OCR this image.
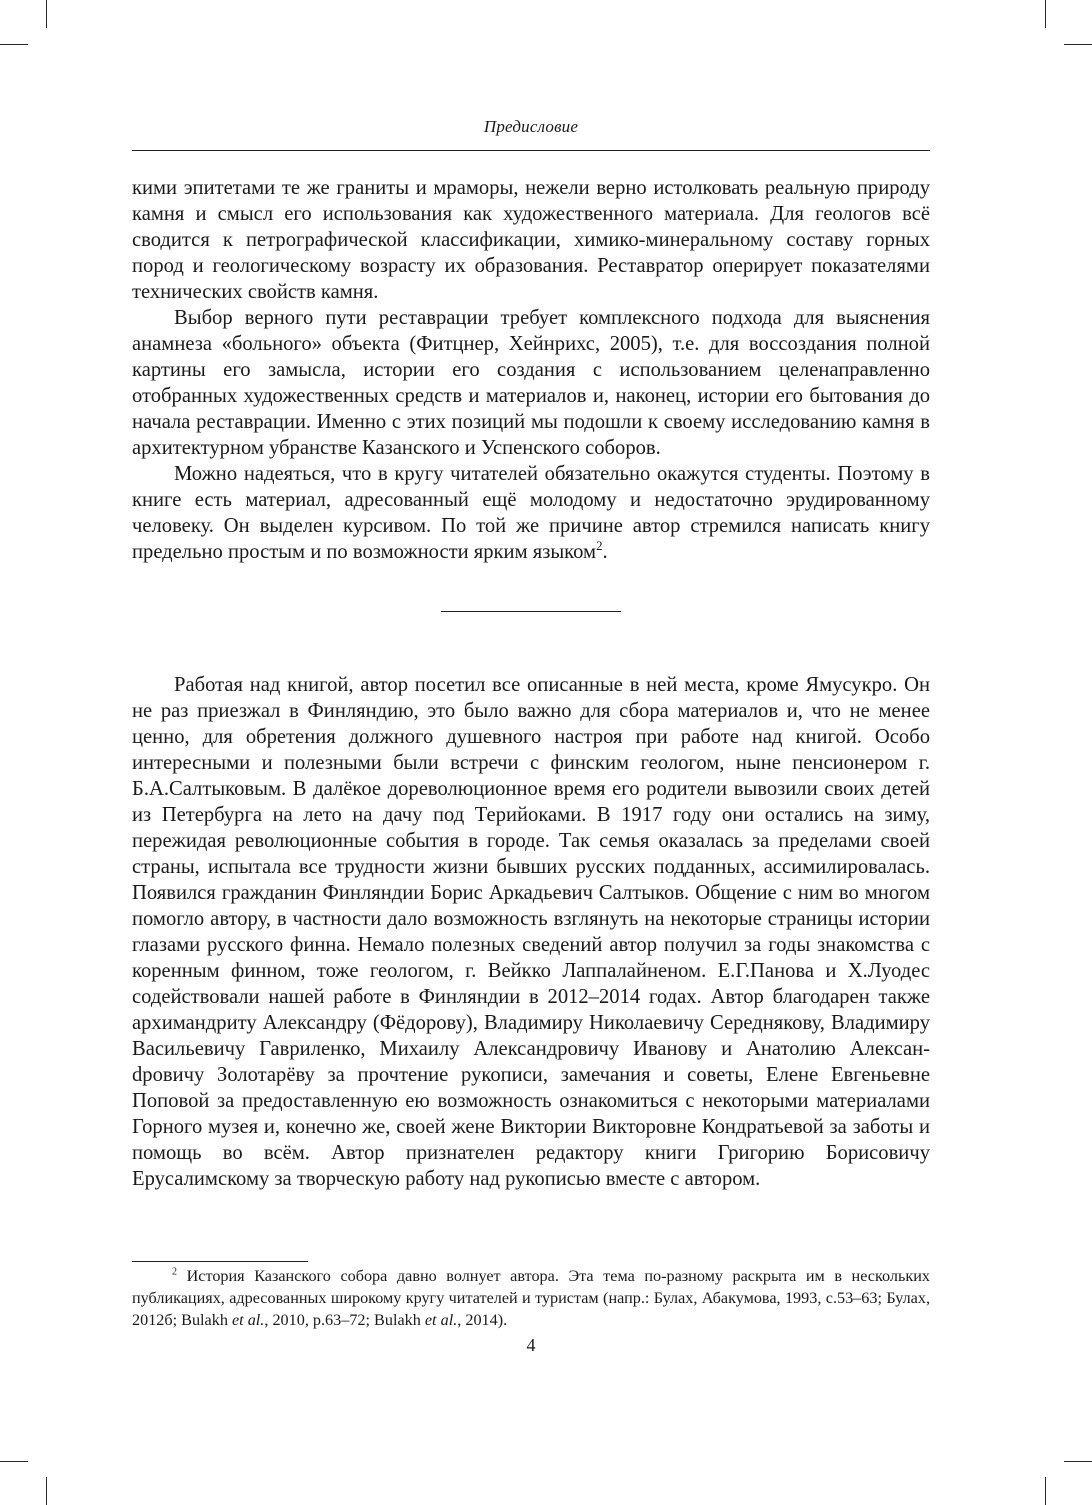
Предисловие

кими эпитетами те же граниты и мраморы, нежели верно истолковать реальную природу камня и смысл его использования как художественного материала. Для геологов всё сводится к петрографической классификации, химико-минеральному составу горных пород и геологическому возрасту их образования. Реставратор оперирует показателями технических свойств камня.

Выбор верного пути реставрации требует комплексного подхода для выяснения анамнеза «больного» объекта (Фитцнер, Хейнрихс, 2005), т.е. для воссоздания полной картины его замысла, истории его создания с использованием целенаправленно отобранных художественных средств и материалов и, наконец, истории его бытования до начала реставрации. Именно с этих позиций мы подошли к своему исследованию камня в архитектурном убранстве Казанского и Успенского соборов.

Можно надеяться, что в кругу читателей обязательно окажутся студенты. Поэтому в книге есть материал, адресованный ещё молодому и недостаточно эрудированному человеку. Он выделен курсивом. По той же причине автор стремился написать книгу предельно простым и по возможности ярким языком$^2$.

Работая над книгой, автор посетил все описанные в ней места, кроме Ямусукро. Он не раз приезжал в Финляндию, это было важно для сбора материалов и, что не менее ценно, для обретения должного душевного настроя при работе над книгой. Особо интересными и полезными были встречи с финским геологом, ныне пенсионером г. Б.А.Салтыковым. В далёкое дореволюционное время его родители вывозили своих детей из Петербурга на лето на дачу под Терийоками. В 1917 году они остались на зиму, пережидая революционные события в городе. Так семья оказалась за пределами своей страны, испытала все трудности жизни бывших русских подданных, ассимилировалась. Появился гражданин Финляндии Борис Аркадьевич Салтыков. Общение с ним во многом помогло автору, в частности дало возможность взглянуть на некоторые страницы истории глазами русского финна. Немало полезных сведений автор получил за годы знакомства с коренным финном, тоже геологом, г. Вейкко Лаппалайненом. Е.Г.Панова и Х.Луодес содействовали нашей работе в Финляндии в 2012–2014 годах. Автор благодарен также архимандриту Александру (Фёдорову), Владимиру Николаевичу Середнякову, Владимиру Васильевичу Гавриленко, Михаилу Александровичу Иванову и Анатолию Алексанdровичу Золотарёву за прочтение рукописи, замечания и советы, Елене Евгеньевне Поповой за предоставленную ею возможность ознакомиться с некоторыми материалами Горного музея и, конечно же, своей жене Виктории Викторовне Кондратьевой за заботы и помощь во всём. Автор признателен редактору книги Григорию Борисовичу Ерусалимскому за творческую работу над рукописью вместе с автором.

$^2$ История Казанского собора давно волнует автора. Эта тема по-разному раскрыта им в нескольких публикациях, адресованных широкому кругу читателей и туристам (напр.: Булах, Абакумова, 1993, с.53–63; Булах, 2012б; Bulakh et al., 2010, p.63–72; Bulakh et al., 2014).

4
